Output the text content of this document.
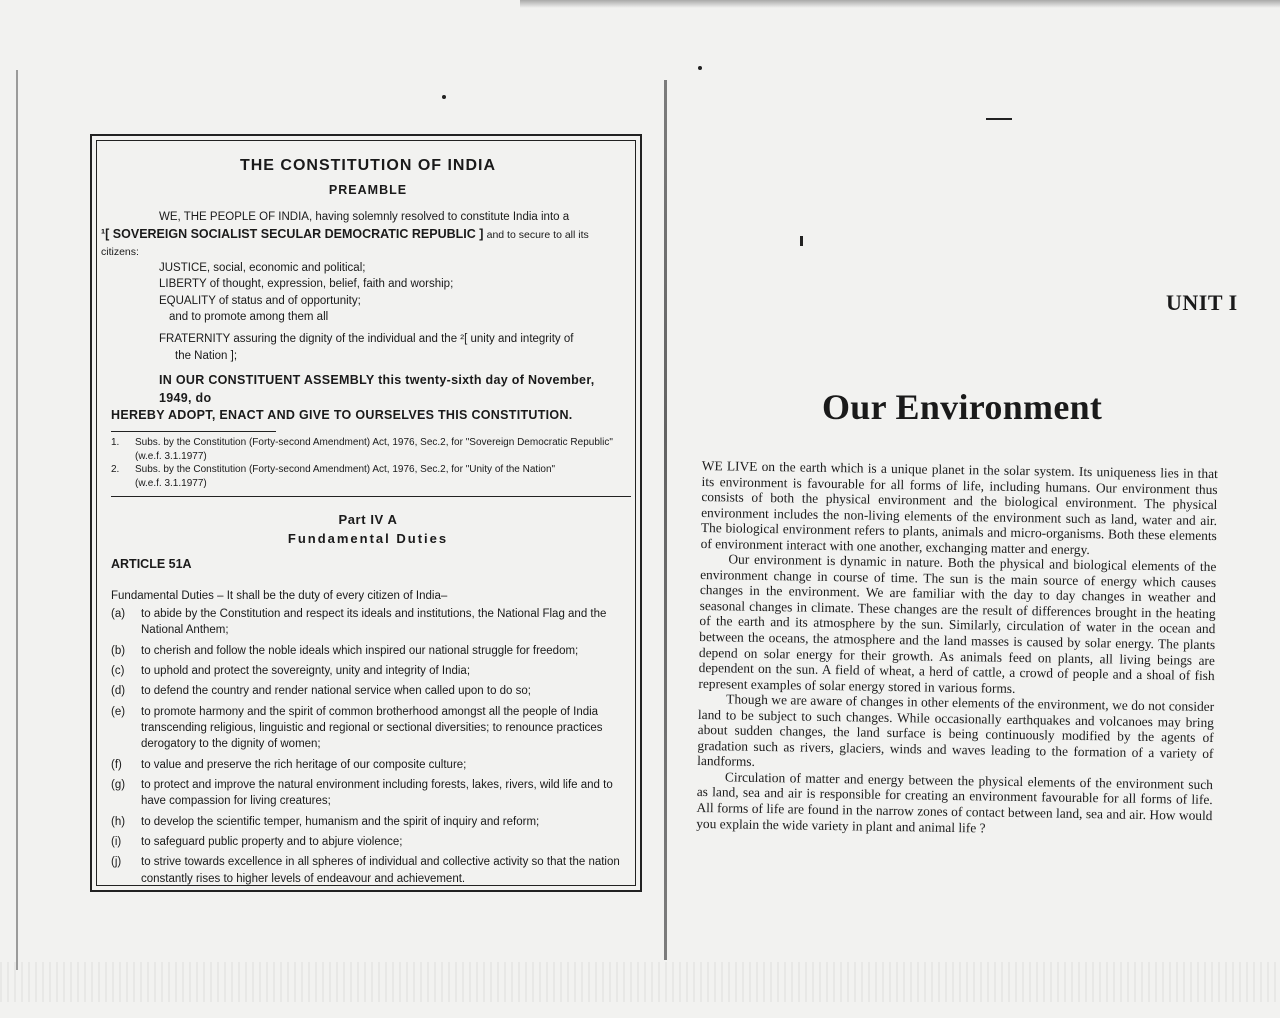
THE CONSTITUTION OF INDIA

PREAMBLE

WE, THE PEOPLE OF INDIA, having solemnly resolved to constitute India into a

¹[ SOVEREIGN SOCIALIST SECULAR DEMOCRATIC REPUBLIC ] and to secure to all its citizens:

JUSTICE, social, economic and political;

LIBERTY of thought, expression, belief, faith and worship;

EQUALITY of status and of opportunity;

and to promote among them all

FRATERNITY assuring the dignity of the individual and the ²[ unity and integrity of

the Nation ];

IN OUR CONSTITUENT ASSEMBLY this twenty-sixth day of November, 1949, do

HEREBY ADOPT, ENACT AND GIVE TO OURSELVES THIS CONSTITUTION.

1.	Subs. by the Constitution (Forty-second Amendment) Act, 1976, Sec.2, for "Sovereign Democratic Republic"
(w.e.f. 3.1.1977)
2.	Subs. by the Constitution (Forty-second Amendment) Act, 1976, Sec.2, for "Unity of the Nation"
(w.e.f. 3.1.1977)

Part IV A

Fundamental Duties

ARTICLE 51A

Fundamental Duties – It shall be the duty of every citizen of India–

(a)	to abide by the Constitution and respect its ideals and institutions, the National Flag and the National Anthem;
(b)	to cherish and follow the noble ideals which inspired our national struggle for freedom;
(c)	to uphold and protect the sovereignty, unity and integrity of India;
(d)	to defend the country and render national service when called upon to do so;
(e)	to promote harmony and the spirit of common brotherhood amongst all the people of India transcending religious, linguistic and regional or sectional diversities; to renounce practices derogatory to the dignity of women;
(f)	to value and preserve the rich heritage of our composite culture;
(g)	to protect and improve the natural environment including forests, lakes, rivers, wild life and to have compassion for living creatures;
(h)	to develop the scientific temper, humanism and the spirit of inquiry and reform;
(i)	to safeguard public property and to abjure violence;
(j)	to strive towards excellence in all spheres of individual and collective activity so that the nation constantly rises to higher levels of endeavour and achievement.
UNIT I
Our Environment

WE LIVE on the earth which is a unique planet in the solar system. Its uniqueness lies in that its environment is favourable for all forms of life, including humans. Our environment thus consists of both the physical environment and the biological environment. The physical environment includes the non-living elements of the environment such as land, water and air. The biological environment refers to plants, animals and micro-organisms. Both these elements of environment interact with one another, exchanging matter and energy.

Our environment is dynamic in nature. Both the physical and biological elements of the environment change in course of time. The sun is the main source of energy which causes changes in the environment. We are familiar with the day to day changes in weather and seasonal changes in climate. These changes are the result of differences brought in the heating of the earth and its atmosphere by the sun. Similarly, circulation of water in the ocean and between the oceans, the atmosphere and the land masses is caused by solar energy. The plants depend on solar energy for their growth. As animals feed on plants, all living beings are dependent on the sun. A field of wheat, a herd of cattle, a crowd of people and a shoal of fish represent examples of solar energy stored in various forms.

Though we are aware of changes in other elements of the environment, we do not consider land to be subject to such changes. While occasionally earthquakes and volcanoes may bring about sudden changes, the land surface is being continuously modified by the agents of gradation such as rivers, glaciers, winds and waves leading to the formation of a variety of landforms.

Circulation of matter and energy between the physical elements of the environment such as land, sea and air is responsible for creating an environment favourable for all forms of life. All forms of life are found in the narrow zones of contact between land, sea and air. How would you explain the wide variety in plant and animal life ?
